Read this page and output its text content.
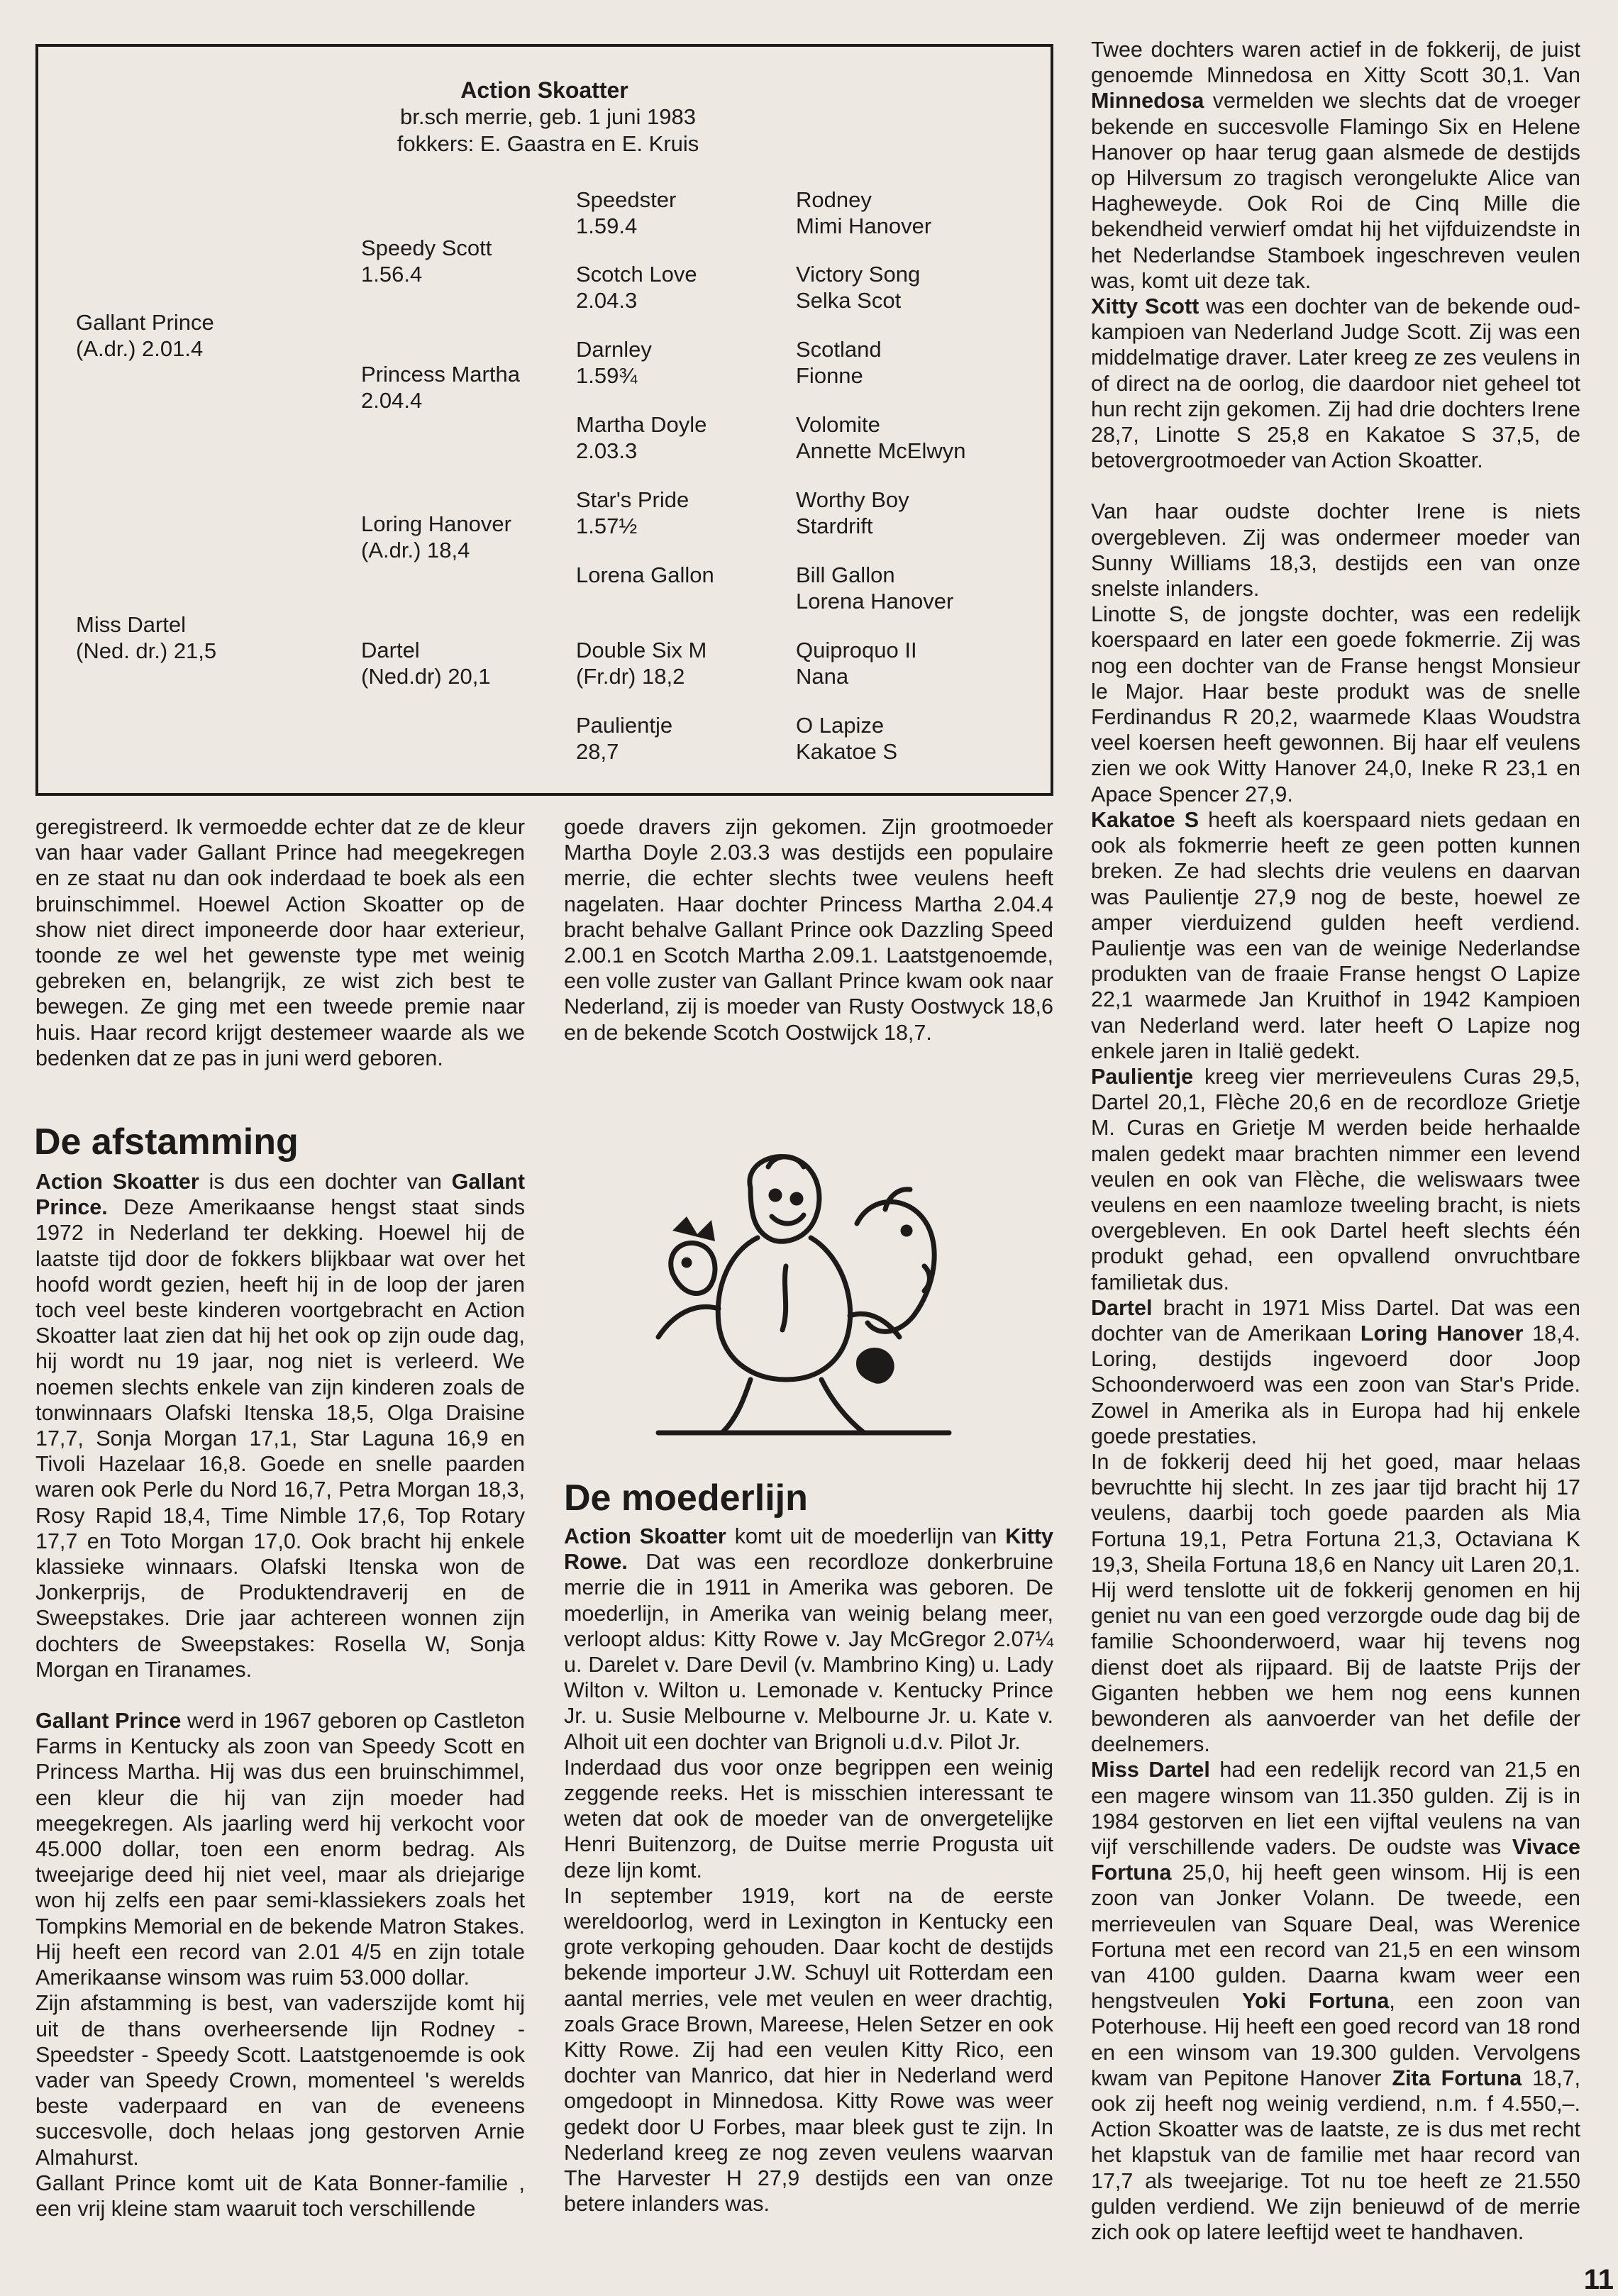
Action Skoatter
br.sch merrie, geb. 1 juni 1983
fokkers: E. Gaastra en E. Kruis
Gallant Prince
(A.dr.) 2.01.4
Miss Dartel
(Ned. dr.) 21,5
Speedy Scott
1.56.4
Princess Martha
2.04.4
Loring Hanover
(A.dr.) 18,4
Dartel
(Ned.dr) 20,1
Speedster
1.59.4
Scotch Love
2.04.3
Darnley
1.59¾
Martha Doyle
2.03.3
Star's Pride
1.57½
Lorena Gallon
Double Six M
(Fr.dr) 18,2
Paulientje
28,7
Rodney
Mimi Hanover
Victory Song
Selka Scot
Scotland
Fionne
Volomite
Annette McElwyn
Worthy Boy
Stardrift
Bill Gallon
Lorena Hanover
Quiproquo II
Nana
O Lapize
Kakatoe S

geregistreerd. Ik vermoedde echter dat ze de kleur van haar vader Gallant Prince had meegekregen en ze staat nu dan ook inderdaad te boek als een bruinschimmel. Hoewel Action Skoatter op de show niet direct imponeerde door haar exterieur, toonde ze wel het gewenste type met weinig gebreken en, belangrijk, ze wist zich best te bewegen. Ze ging met een tweede premie naar huis. Haar record krijgt destemeer waarde als we bedenken dat ze pas in juni werd geboren.

De afstamming

Action Skoatter is dus een dochter van Gallant Prince. Deze Amerikaanse hengst staat sinds 1972 in Nederland ter dekking. Hoewel hij de laatste tijd door de fokkers blijkbaar wat over het hoofd wordt gezien, heeft hij in de loop der jaren toch veel beste kinderen voortgebracht en Action Skoatter laat zien dat hij het ook op zijn oude dag, hij wordt nu 19 jaar, nog niet is verleerd. We noemen slechts enkele van zijn kinderen zoals de tonwinnaars Olafski Itenska 18,5, Olga Draisine 17,7, Sonja Morgan 17,1, Star Laguna 16,9 en Tivoli Hazelaar 16,8. Goede en snelle paarden waren ook Perle du Nord 16,7, Petra Morgan 18,3, Rosy Rapid 18,4, Time Nimble 17,6, Top Rotary 17,7 en Toto Morgan 17,0. Ook bracht hij enkele klassieke winnaars. Olafski Itenska won de Jonkerprijs, de Produktendraverij en de Sweepstakes. Drie jaar achtereen wonnen zijn dochters de Sweepstakes: Rosella W, Sonja Morgan en Tiranames.

Gallant Prince werd in 1967 geboren op Castleton Farms in Kentucky als zoon van Speedy Scott en Princess Martha. Hij was dus een bruinschimmel, een kleur die hij van zijn moeder had meegekregen. Als jaarling werd hij verkocht voor 45.000 dollar, toen een enorm bedrag. Als tweejarige deed hij niet veel, maar als driejarige won hij zelfs een paar semi-klassiekers zoals het Tompkins Memorial en de bekende Matron Stakes. Hij heeft een record van 2.01 4/5 en zijn totale Amerikaanse winsom was ruim 53.000 dollar.

Zijn afstamming is best, van vaderszijde komt hij uit de thans overheersende lijn Rodney - Speedster - Speedy Scott. Laatstgenoemde is ook vader van Speedy Crown, momenteel 's werelds beste vaderpaard en van de eveneens succesvolle, doch helaas jong gestorven Arnie Almahurst.

Gallant Prince komt uit de Kata Bonner-familie , een vrij kleine stam waaruit toch verschillende

goede dravers zijn gekomen. Zijn grootmoeder Martha Doyle 2.03.3 was destijds een populaire merrie, die echter slechts twee veulens heeft nagelaten. Haar dochter Princess Martha 2.04.4 bracht behalve Gallant Prince ook Dazzling Speed 2.00.1 en Scotch Martha 2.09.1. Laatstgenoemde, een volle zuster van Gallant Prince kwam ook naar Nederland, zij is moeder van Rusty Oostwyck 18,6 en de bekende Scotch Oostwijck 18,7.

De moederlijn

Action Skoatter komt uit de moederlijn van Kitty Rowe. Dat was een recordloze donkerbruine merrie die in 1911 in Amerika was geboren. De moederlijn, in Amerika van weinig belang meer, verloopt aldus: Kitty Rowe v. Jay McGregor 2.07¼ u. Darelet v. Dare Devil (v. Mambrino King) u. Lady Wilton v. Wilton u. Lemonade v. Kentucky Prince Jr. u. Susie Melbourne v. Melbourne Jr. u. Kate v. Alhoit uit een dochter van Brignoli u.d.v. Pilot Jr.

Inderdaad dus voor onze begrippen een weinig zeggende reeks. Het is misschien interessant te weten dat ook de moeder van de onvergetelijke Henri Buitenzorg, de Duitse merrie Progusta uit deze lijn komt.

In september 1919, kort na de eerste wereldoorlog, werd in Lexington in Kentucky een grote verkoping gehouden. Daar kocht de destijds bekende importeur J.W. Schuyl uit Rotterdam een aantal merries, vele met veulen en weer drachtig, zoals Grace Brown, Mareese, Helen Setzer en ook Kitty Rowe. Zij had een veulen Kitty Rico, een dochter van Manrico, dat hier in Nederland werd omgedoopt in Minnedosa. Kitty Rowe was weer gedekt door U Forbes, maar bleek gust te zijn. In Nederland kreeg ze nog zeven veulens waarvan The Harvester H 27,9 destijds een van onze betere inlanders was.

Twee dochters waren actief in de fokkerij, de juist genoemde Minnedosa en Xitty Scott 30,1. Van Minnedosa vermelden we slechts dat de vroeger bekende en succesvolle Flamingo Six en Helene Hanover op haar terug gaan alsmede de destijds op Hilversum zo tragisch verongelukte Alice van Hagheweyde. Ook Roi de Cinq Mille die bekendheid verwierf omdat hij het vijfduizendste in het Nederlandse Stamboek ingeschreven veulen was, komt uit deze tak.

Xitty Scott was een dochter van de bekende oud-kampioen van Nederland Judge Scott. Zij was een middelmatige draver. Later kreeg ze zes veulens in of direct na de oorlog, die daardoor niet geheel tot hun recht zijn gekomen. Zij had drie dochters Irene 28,7, Linotte S 25,8 en Kakatoe S 37,5, de betovergrootmoeder van Action Skoatter.

Van haar oudste dochter Irene is niets overgebleven. Zij was ondermeer moeder van Sunny Williams 18,3, destijds een van onze snelste inlanders.

Linotte S, de jongste dochter, was een redelijk koerspaard en later een goede fokmerrie. Zij was nog een dochter van de Franse hengst Monsieur le Major. Haar beste produkt was de snelle Ferdinandus R 20,2, waarmede Klaas Woudstra veel koersen heeft gewonnen. Bij haar elf veulens zien we ook Witty Hanover 24,0, Ineke R 23,1 en Apace Spencer 27,9.

Kakatoe S heeft als koerspaard niets gedaan en ook als fokmerrie heeft ze geen potten kunnen breken. Ze had slechts drie veulens en daarvan was Paulientje 27,9 nog de beste, hoewel ze amper vierduizend gulden heeft verdiend. Paulientje was een van de weinige Nederlandse produkten van de fraaie Franse hengst O Lapize 22,1 waarmede Jan Kruithof in 1942 Kampioen van Nederland werd. later heeft O Lapize nog enkele jaren in Italië gedekt.

Paulientje kreeg vier merrieveulens Curas 29,5, Dartel 20,1, Flèche 20,6 en de recordloze Grietje M. Curas en Grietje M werden beide herhaalde malen gedekt maar brachten nimmer een levend veulen en ook van Flèche, die weliswaars twee veulens en een naamloze tweeling bracht, is niets overgebleven. En ook Dartel heeft slechts één produkt gehad, een opvallend onvruchtbare familietak dus.

Dartel bracht in 1971 Miss Dartel. Dat was een dochter van de Amerikaan Loring Hanover 18,4. Loring, destijds ingevoerd door Joop Schoonderwoerd was een zoon van Star's Pride. Zowel in Amerika als in Europa had hij enkele goede prestaties.

In de fokkerij deed hij het goed, maar helaas bevruchtte hij slecht. In zes jaar tijd bracht hij 17 veulens, daarbij toch goede paarden als Mia Fortuna 19,1, Petra Fortuna 21,3, Octaviana K 19,3, Sheila Fortuna 18,6 en Nancy uit Laren 20,1. Hij werd tenslotte uit de fokkerij genomen en hij geniet nu van een goed verzorgde oude dag bij de familie Schoonderwoerd, waar hij tevens nog dienst doet als rijpaard. Bij de laatste Prijs der Giganten hebben we hem nog eens kunnen bewonderen als aanvoerder van het defile der deelnemers.

Miss Dartel had een redelijk record van 21,5 en een magere winsom van 11.350 gulden. Zij is in 1984 gestorven en liet een vijftal veulens na van vijf verschillende vaders. De oudste was Vivace Fortuna 25,0, hij heeft geen winsom. Hij is een zoon van Jonker Volann. De tweede, een merrieveulen van Square Deal, was Werenice Fortuna met een record van 21,5 en een winsom van 4100 gulden. Daarna kwam weer een hengstveulen Yoki Fortuna, een zoon van Poterhouse. Hij heeft een goed record van 18 rond en een winsom van 19.300 gulden. Vervolgens kwam van Pepitone Hanover Zita Fortuna 18,7, ook zij heeft nog weinig verdiend, n.m. f 4.550,–. Action Skoatter was de laatste, ze is dus met recht het klapstuk van de familie met haar record van 17,7 als tweejarige. Tot nu toe heeft ze 21.550 gulden verdiend. We zijn benieuwd of de merrie zich ook op latere leeftijd weet te handhaven.

11
